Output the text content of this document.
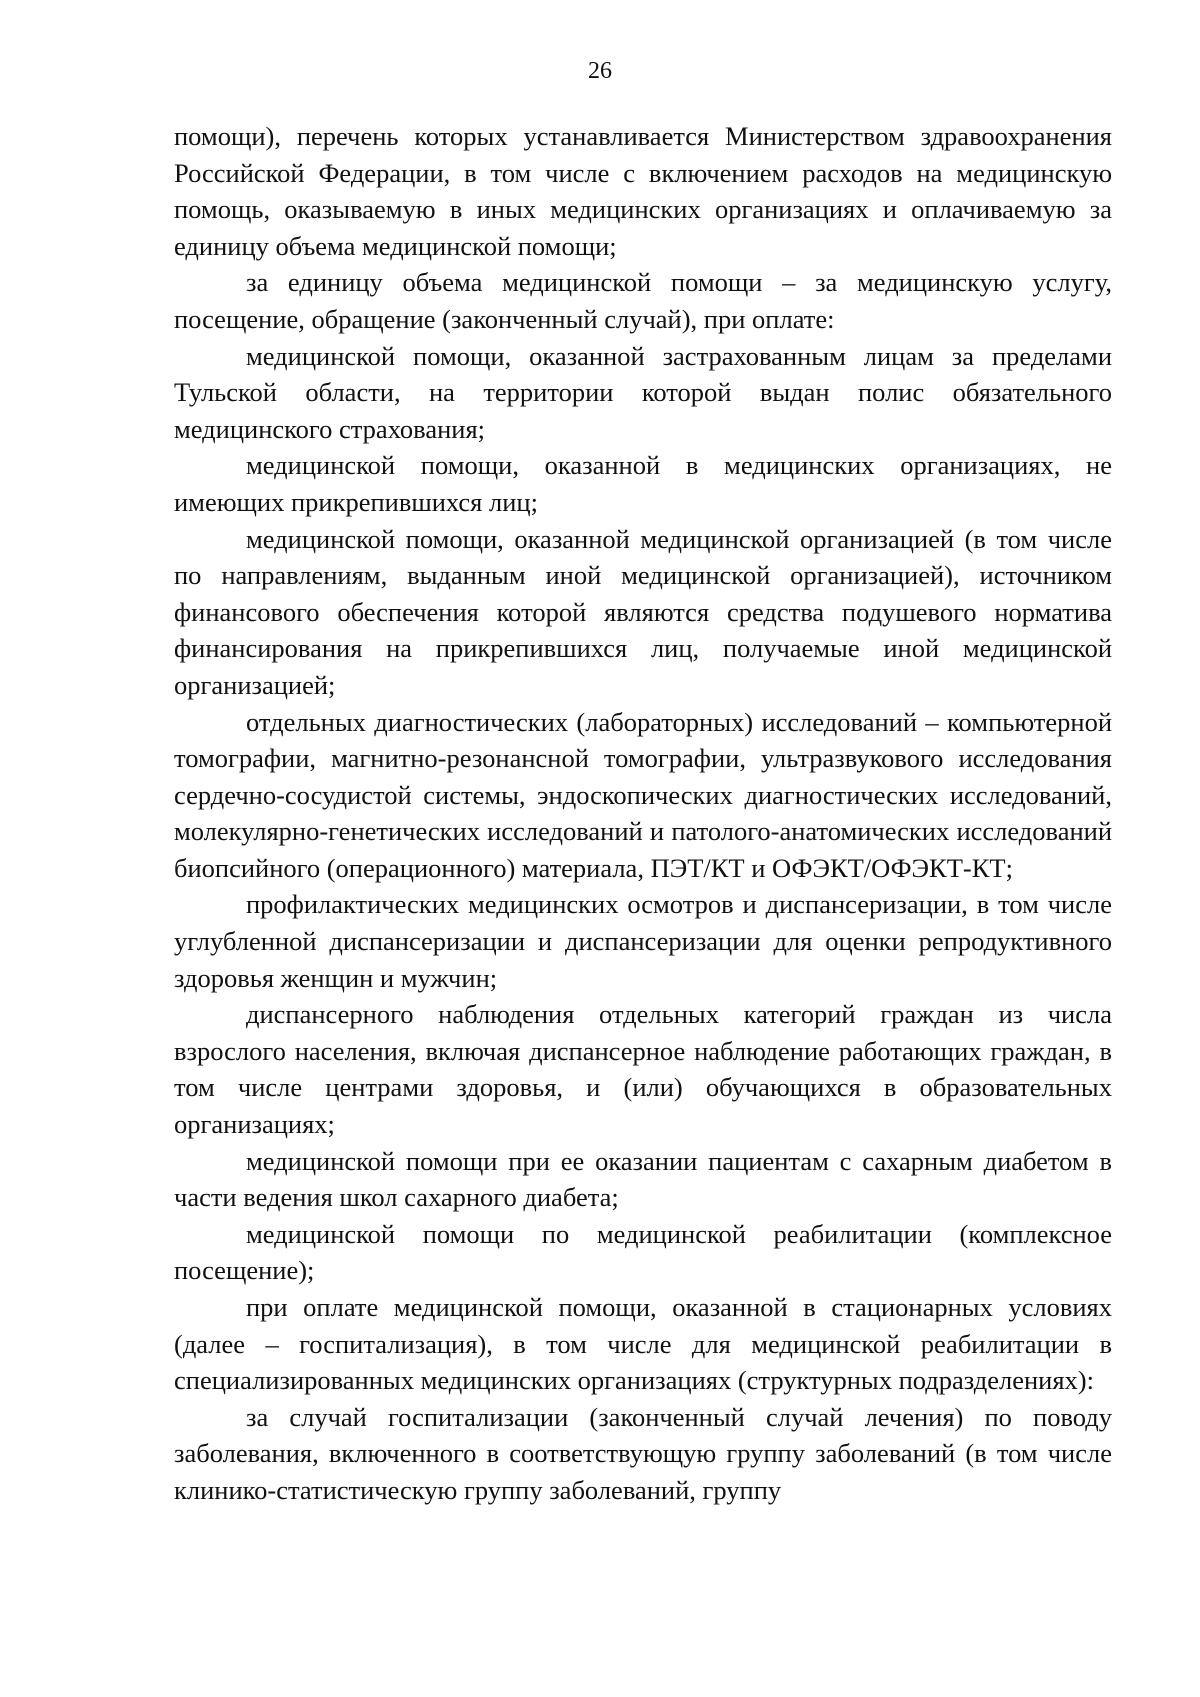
26

помощи), перечень которых устанавливается Министерством здравоохранения Российской Федерации, в том числе с включением расходов на медицинскую помощь, оказываемую в иных медицинских организациях и оплачиваемую за единицу объема медицинской помощи;

за единицу объема медицинской помощи – за медицинскую услугу, посещение, обращение (законченный случай), при оплате:

медицинской помощи, оказанной застрахованным лицам за пределами Тульской области, на территории которой выдан полис обязательного медицинского страхования;

медицинской помощи, оказанной в медицинских организациях, не имеющих прикрепившихся лиц;

медицинской помощи, оказанной медицинской организацией (в том числе по направлениям, выданным иной медицинской организацией), источником финансового обеспечения которой являются средства подушевого норматива финансирования на прикрепившихся лиц, получаемые иной медицинской организацией;

отдельных диагностических (лабораторных) исследований – компьютерной томографии, магнитно-резонансной томографии, ультразвукового исследования сердечно-сосудистой системы, эндоскопических диагностических исследований, молекулярно-генетических исследований и патолого-анатомических исследований биопсийного (операционного) материала, ПЭТ/КТ и ОФЭКТ/ОФЭКТ-КТ;

профилактических медицинских осмотров и диспансеризации, в том числе углубленной диспансеризации и диспансеризации для оценки репродуктивного здоровья женщин и мужчин;

диспансерного наблюдения отдельных категорий граждан из числа взрослого населения, включая диспансерное наблюдение работающих граждан, в том числе центрами здоровья, и (или) обучающихся в образовательных организациях;

медицинской помощи при ее оказании пациентам с сахарным диабетом в части ведения школ сахарного диабета;

медицинской помощи по медицинской реабилитации (комплексное посещение);

при оплате медицинской помощи, оказанной в стационарных условиях (далее – госпитализация), в том числе для медицинской реабилитации в специализированных медицинских организациях (структурных подразделениях):

за случай госпитализации (законченный случай лечения) по поводу заболевания, включенного в соответствующую группу заболеваний (в том числе клинико-статистическую группу заболеваний, группу
